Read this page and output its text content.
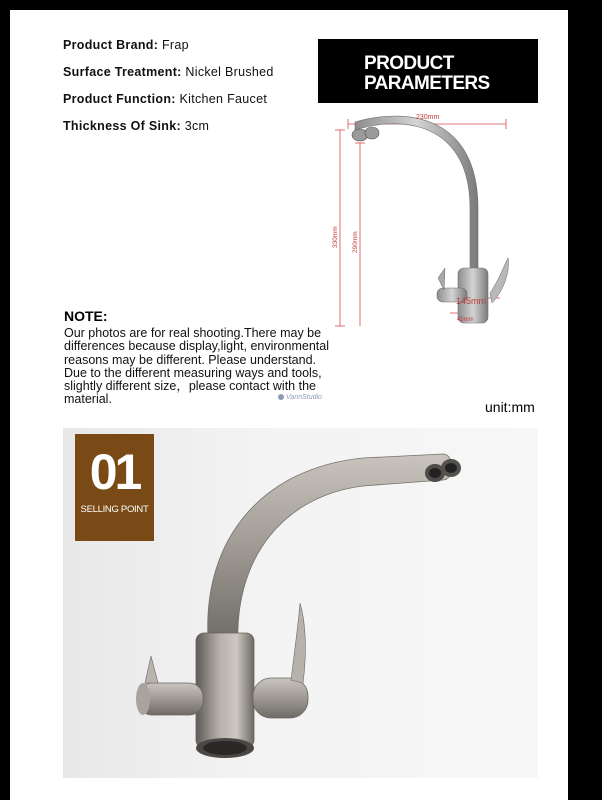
Product Brand: Frap
Surface Treatment: Nickel Brushed
Product Function: Kitchen Faucet
Thickness Of Sink: 3cm
PRODUCT
PARAMETERS
230mm
330mm 290mm
145mm
45mm
NOTE:
Our photos are for real shooting.There may be
differences because display,light, environmental
reasons may be different. Please understand.
Due to the different measuring ways and tools,
slightly different size，please contact with the
material.	VannStudio
unit:mm
01
SELLING POINT
